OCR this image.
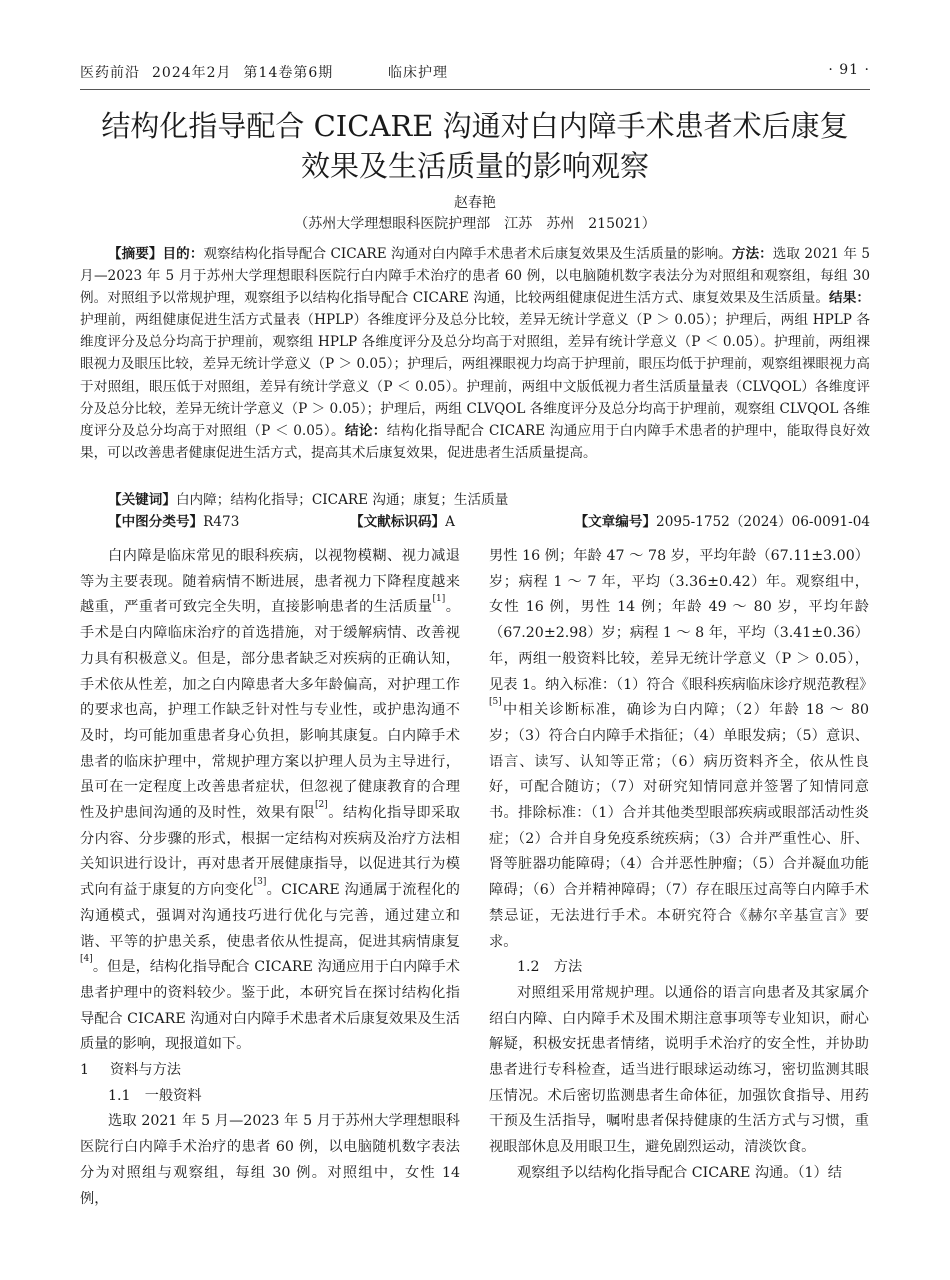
医药前沿 2024年2月 第14卷第6期	临床护理	· 91 ·
结构化指导配合 CICARE 沟通对白内障手术患者术后康复
效果及生活质量的影响观察
赵春艳
（苏州大学理想眼科医院护理部　江苏　苏州　215021）

【摘要】目的：观察结构化指导配合 CICARE 沟通对白内障手术患者术后康复效果及生活质量的影响。方法：选取 2021 年 5 月—2023 年 5 月于苏州大学理想眼科医院行白内障手术治疗的患者 60 例，以电脑随机数字表法分为对照组和观察组，每组 30 例。对照组予以常规护理，观察组予以结构化指导配合 CICARE 沟通，比较两组健康促进生活方式、康复效果及生活质量。结果：护理前，两组健康促进生活方式量表（HPLP）各维度评分及总分比较，差异无统计学意义（P ＞ 0.05）；护理后，两组 HPLP 各维度评分及总分均高于护理前，观察组 HPLP 各维度评分及总分均高于对照组，差异有统计学意义（P ＜ 0.05）。护理前，两组裸眼视力及眼压比较，差异无统计学意义（P ＞ 0.05）；护理后，两组裸眼视力均高于护理前，眼压均低于护理前，观察组裸眼视力高于对照组，眼压低于对照组，差异有统计学意义（P ＜ 0.05）。护理前，两组中文版低视力者生活质量量表（CLVQOL）各维度评分及总分比较，差异无统计学意义（P ＞ 0.05）；护理后，两组 CLVQOL 各维度评分及总分均高于护理前，观察组 CLVQOL 各维度评分及总分均高于对照组（P ＜ 0.05）。结论：结构化指导配合 CICARE 沟通应用于白内障手术患者的护理中，能取得良好效果，可以改善患者健康促进生活方式，提高其术后康复效果，促进患者生活质量提高。

【关键词】白内障；结构化指导；CICARE 沟通；康复；生活质量
【中图分类号】R473	【文献标识码】A	【文章编号】2095-1752（2024）06-0091-04

白内障是临床常见的眼科疾病，以视物模糊、视力减退等为主要表现。随着病情不断进展，患者视力下降程度越来越重，严重者可致完全失明，直接影响患者的生活质量[1]。手术是白内障临床治疗的首选措施，对于缓解病情、改善视力具有积极意义。但是，部分患者缺乏对疾病的正确认知，手术依从性差，加之白内障患者大多年龄偏高，对护理工作的要求也高，护理工作缺乏针对性与专业性，或护患沟通不及时，均可能加重患者身心负担，影响其康复。白内障手术患者的临床护理中，常规护理方案以护理人员为主导进行，虽可在一定程度上改善患者症状，但忽视了健康教育的合理性及护患间沟通的及时性，效果有限[2]。结构化指导即采取分内容、分步骤的形式，根据一定结构对疾病及治疗方法相关知识进行设计，再对患者开展健康指导，以促进其行为模式向有益于康复的方向变化[3]。CICARE 沟通属于流程化的沟通模式，强调对沟通技巧进行优化与完善，通过建立和谐、平等的护患关系，使患者依从性提高，促进其病情康复[4]。但是，结构化指导配合 CICARE 沟通应用于白内障手术患者护理中的资料较少。鉴于此，本研究旨在探讨结构化指导配合 CICARE 沟通对白内障手术患者术后康复效果及生活质量的影响，现报道如下。

1 资料与方法

1.1　一般资料

选取 2021 年 5 月—2023 年 5 月于苏州大学理想眼科医院行白内障手术治疗的患者 60 例，以电脑随机数字表法分为对照组与观察组，每组 30 例。对照组中，女性 14 例，

男性 16 例；年龄 47 ～ 78 岁，平均年龄（67.11±3.00）岁；病程 1 ～ 7 年，平均（3.36±0.42）年。观察组中，女性 16 例，男性 14 例；年龄 49 ～ 80 岁，平均年龄（67.20±2.98）岁；病程 1 ～ 8 年，平均（3.41±0.36）年，两组一般资料比较，差异无统计学意义（P ＞ 0.05），见表 1。纳入标准：（1）符合《眼科疾病临床诊疗规范教程》[5]中相关诊断标准，确诊为白内障；（2）年龄 18 ～ 80 岁；（3）符合白内障手术指征；（4）单眼发病；（5）意识、语言、读写、认知等正常；（6）病历资料齐全，依从性良好，可配合随访；（7）对研究知情同意并签署了知情同意书。排除标准：（1）合并其他类型眼部疾病或眼部活动性炎症；（2）合并自身免疫系统疾病；（3）合并严重性心、肝、肾等脏器功能障碍；（4）合并恶性肿瘤；（5）合并凝血功能障碍；（6）合并精神障碍；（7）存在眼压过高等白内障手术禁忌证，无法进行手术。本研究符合《赫尔辛基宣言》要求。

1.2　方法

对照组采用常规护理。以通俗的语言向患者及其家属介绍白内障、白内障手术及围术期注意事项等专业知识，耐心解疑，积极安抚患者情绪，说明手术治疗的安全性，并协助患者进行专科检查，适当进行眼球运动练习，密切监测其眼压情况。术后密切监测患者生命体征，加强饮食指导、用药干预及生活指导，嘱咐患者保持健康的生活方式与习惯，重视眼部休息及用眼卫生，避免剧烈运动，清淡饮食。

观察组予以结构化指导配合 CICARE 沟通。（1）结
